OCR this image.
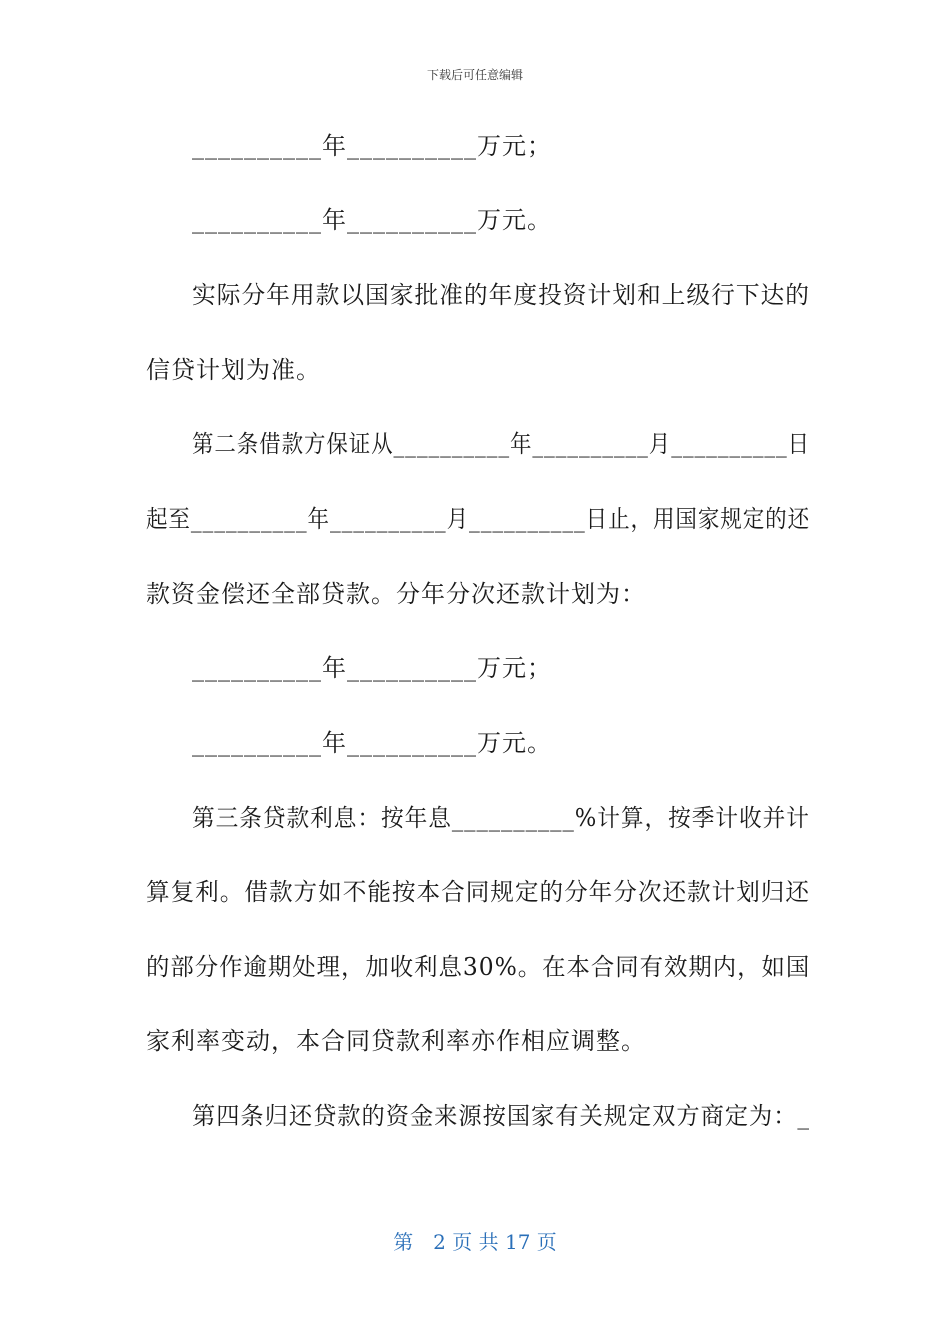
下载后可任意编辑
__________年__________万元；
__________年__________万元。
实际分年用款以国家批准的年度投资计划和上级行下达的
信贷计划为准。
第二条借款方保证从__________年__________月__________日
起至__________年__________月__________日止，用国家规定的还
款资金偿还全部贷款。分年分次还款计划为：
__________年__________万元；
__________年__________万元。
第三条贷款利息：按年息__________%计算，按季计收并计
算复利。借款方如不能按本合同规定的分年分次还款计划归还
的部分作逾期处理，加收利息30%。在本合同有效期内，如国
家利率变动，本合同贷款利率亦作相应调整。
第四条归还贷款的资金来源按国家有关规定双方商定为：_
第　2 页 共 17 页
